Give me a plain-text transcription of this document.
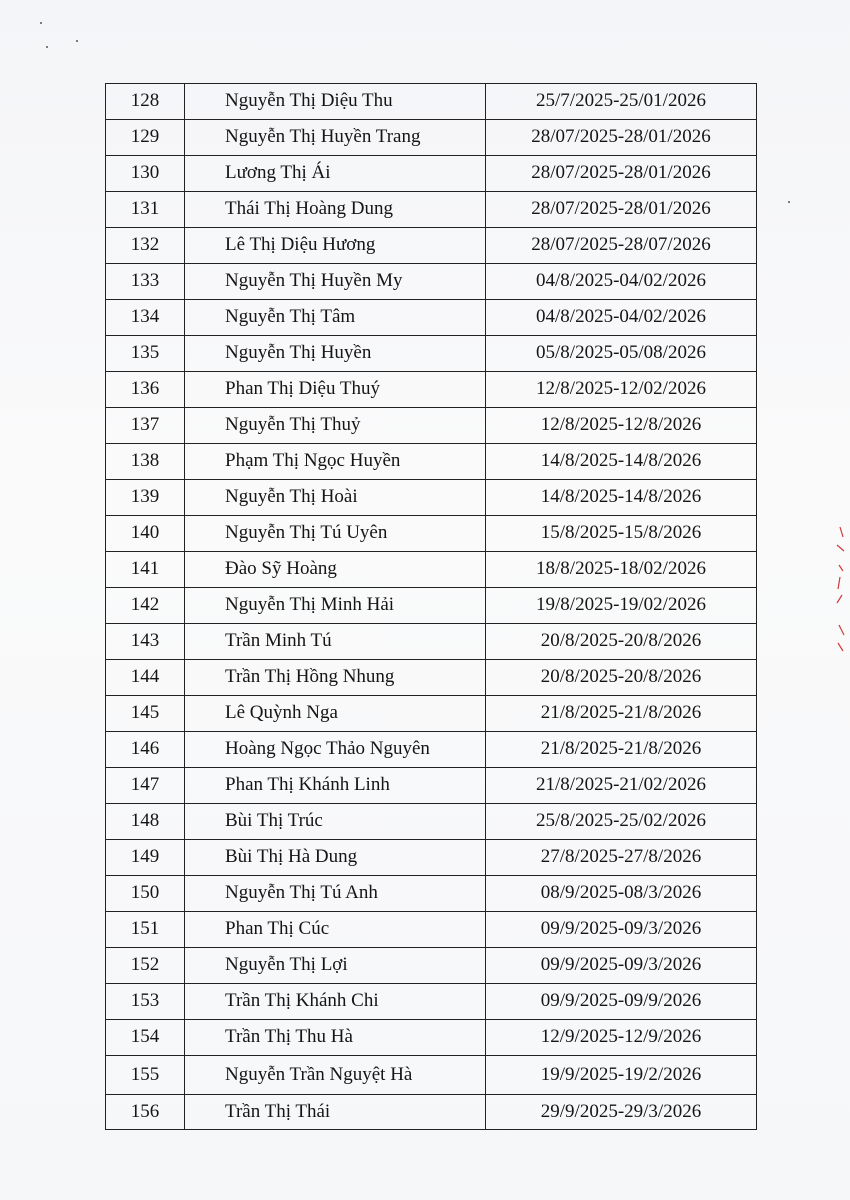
128	Nguyễn Thị Diệu Thu	25/7/2025-25/01/2026
129	Nguyễn Thị Huyền Trang	28/07/2025-28/01/2026
130	Lương Thị Ái	28/07/2025-28/01/2026
131	Thái Thị Hoàng Dung	28/07/2025-28/01/2026
132	Lê Thị Diệu Hương	28/07/2025-28/07/2026
133	Nguyễn Thị Huyền My	04/8/2025-04/02/2026
134	Nguyễn Thị Tâm	04/8/2025-04/02/2026
135	Nguyễn Thị Huyền	05/8/2025-05/08/2026
136	Phan Thị Diệu Thuý	12/8/2025-12/02/2026
137	Nguyễn Thị Thuỷ	12/8/2025-12/8/2026
138	Phạm Thị Ngọc Huyền	14/8/2025-14/8/2026
139	Nguyễn Thị Hoài	14/8/2025-14/8/2026
140	Nguyễn Thị Tú Uyên	15/8/2025-15/8/2026
141	Đào Sỹ Hoàng	18/8/2025-18/02/2026
142	Nguyễn Thị Minh Hải	19/8/2025-19/02/2026
143	Trần Minh Tú	20/8/2025-20/8/2026
144	Trần Thị Hồng Nhung	20/8/2025-20/8/2026
145	Lê Quỳnh Nga	21/8/2025-21/8/2026
146	Hoàng Ngọc Thảo Nguyên	21/8/2025-21/8/2026
147	Phan Thị Khánh Linh	21/8/2025-21/02/2026
148	Bùi Thị Trúc	25/8/2025-25/02/2026
149	Bùi Thị Hà Dung	27/8/2025-27/8/2026
150	Nguyễn Thị Tú Anh	08/9/2025-08/3/2026
151	Phan Thị Cúc	09/9/2025-09/3/2026
152	Nguyễn Thị Lợi	09/9/2025-09/3/2026
153	Trần Thị Khánh Chi	09/9/2025-09/9/2026
154	Trần Thị Thu Hà	12/9/2025-12/9/2026
155	Nguyễn Trần Nguyệt Hà	19/9/2025-19/2/2026
156	Trần Thị Thái	29/9/2025-29/3/2026
